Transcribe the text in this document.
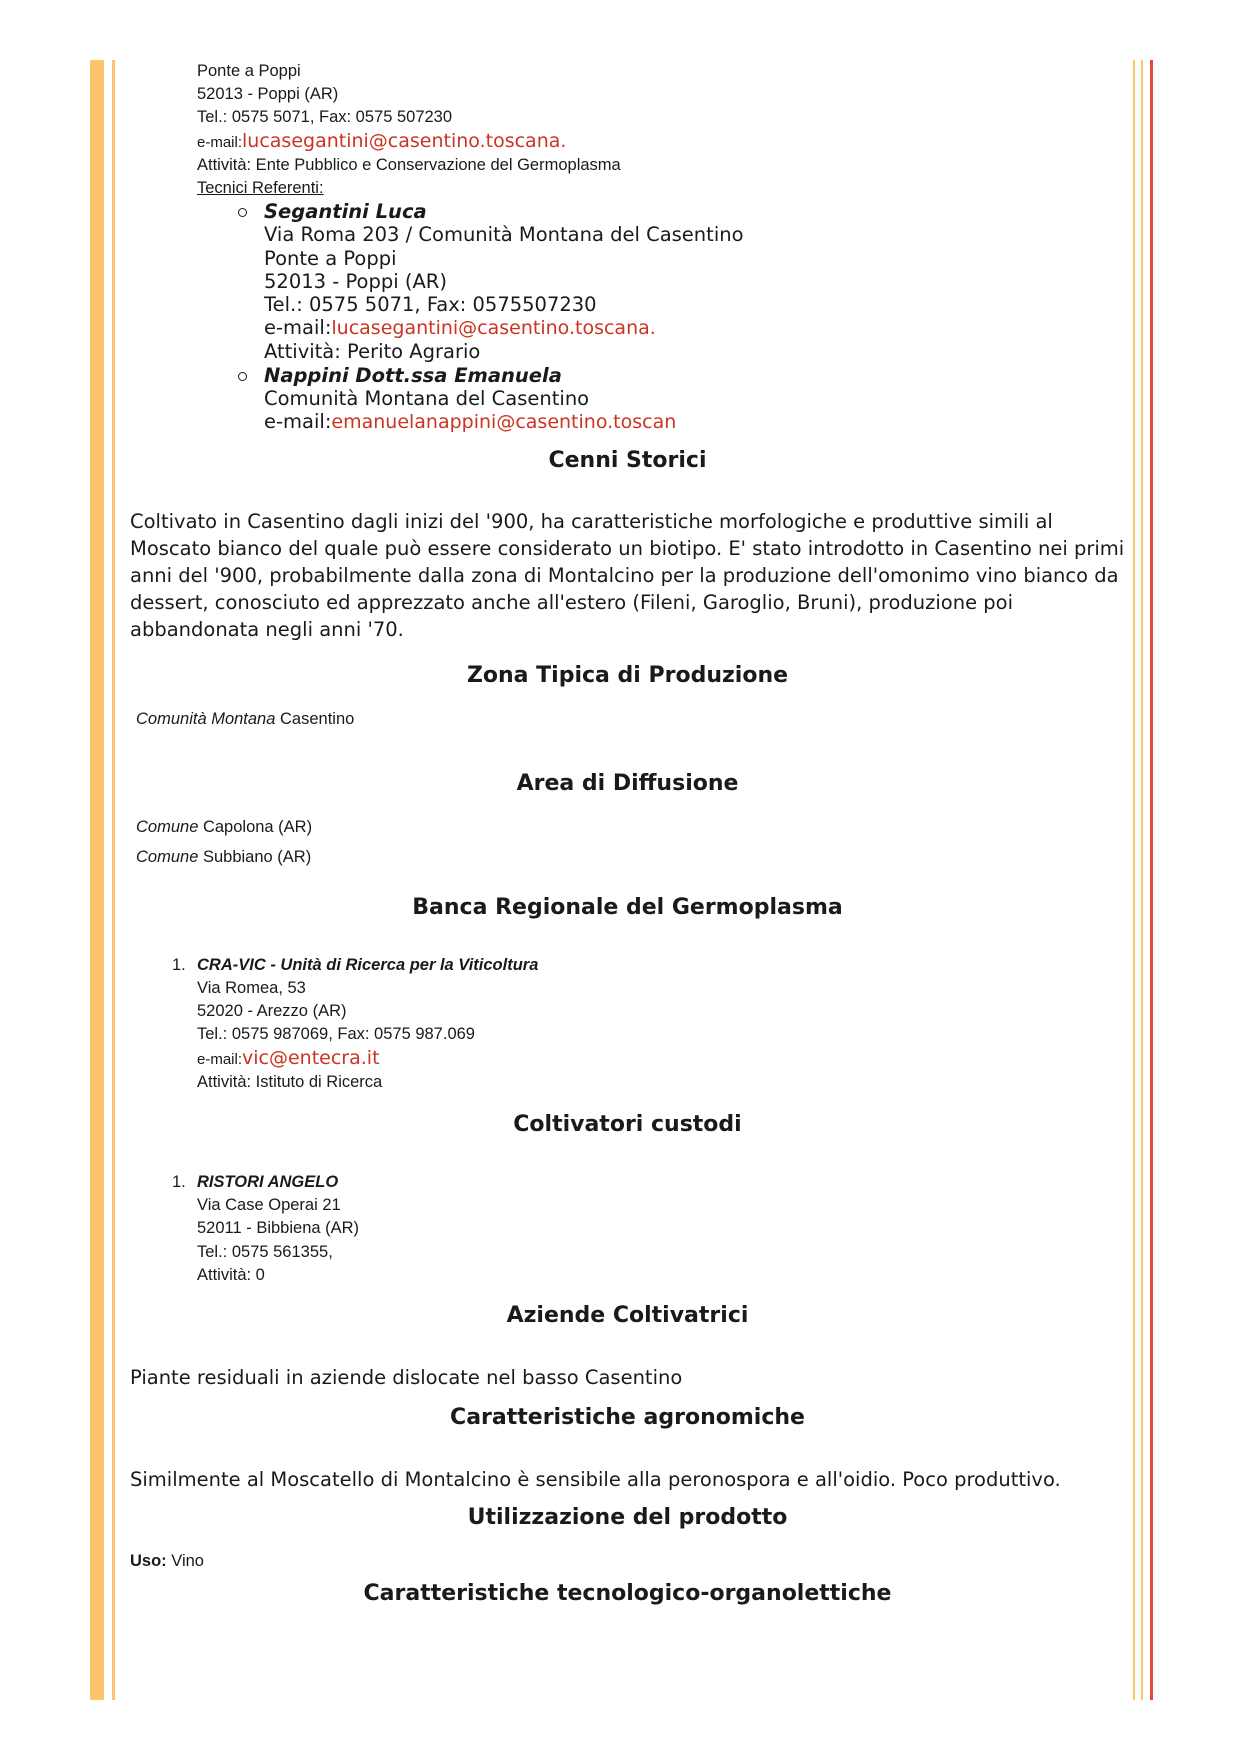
Ponte a Poppi
52013 - Poppi (AR)
Tel.: 0575 5071, Fax: 0575 507230
e-mail:lucasegantini@casentino.toscana.
Attività: Ente Pubblico e Conservazione del Germoplasma
Tecnici Referenti:
Segantini Luca
Via Roma 203 / Comunità Montana del Casentino
Ponte a Poppi
52013 - Poppi (AR)
Tel.: 0575 5071, Fax: 0575507230
e-mail:lucasegantini@casentino.toscana.
Attività: Perito Agrario
Nappini Dott.ssa Emanuela
Comunità Montana del Casentino
e-mail:emanuelanappini@casentino.toscan
Cenni Storici

Coltivato in Casentino dagli inizi del '900, ha caratteristiche morfologiche e produttive simili al Moscato bianco del quale può essere considerato un biotipo. E' stato introdotto in Casentino nei primi anni del '900, probabilmente dalla zona di Montalcino per la produzione dell'omonimo vino bianco da dessert, conosciuto ed apprezzato anche all'estero (Fileni, Garoglio, Bruni), produzione poi abbandonata negli anni '70.

Zona Tipica di Produzione
Comunità Montana Casentino
Area di Diffusione
Comune Capolona (AR)
Comune Subbiano (AR)
Banca Regionale del Germoplasma
1. CRA-VIC - Unità di Ricerca per la Viticoltura
Via Romea, 53
52020 - Arezzo (AR)
Tel.: 0575 987069, Fax: 0575 987.069
e-mail:vic@entecra.it
Attività: Istituto di Ricerca
Coltivatori custodi
1. RISTORI ANGELO
Via Case Operai 21
52011 - Bibbiena (AR)
Tel.: 0575 561355,
Attività: 0
Aziende Coltivatrici

Piante residuali in aziende dislocate nel basso Casentino

Caratteristiche agronomiche

Similmente al Moscatello di Montalcino è sensibile alla peronospora e all'oidio. Poco produttivo.

Utilizzazione del prodotto
Uso: Vino
Caratteristiche tecnologico-organolettiche
